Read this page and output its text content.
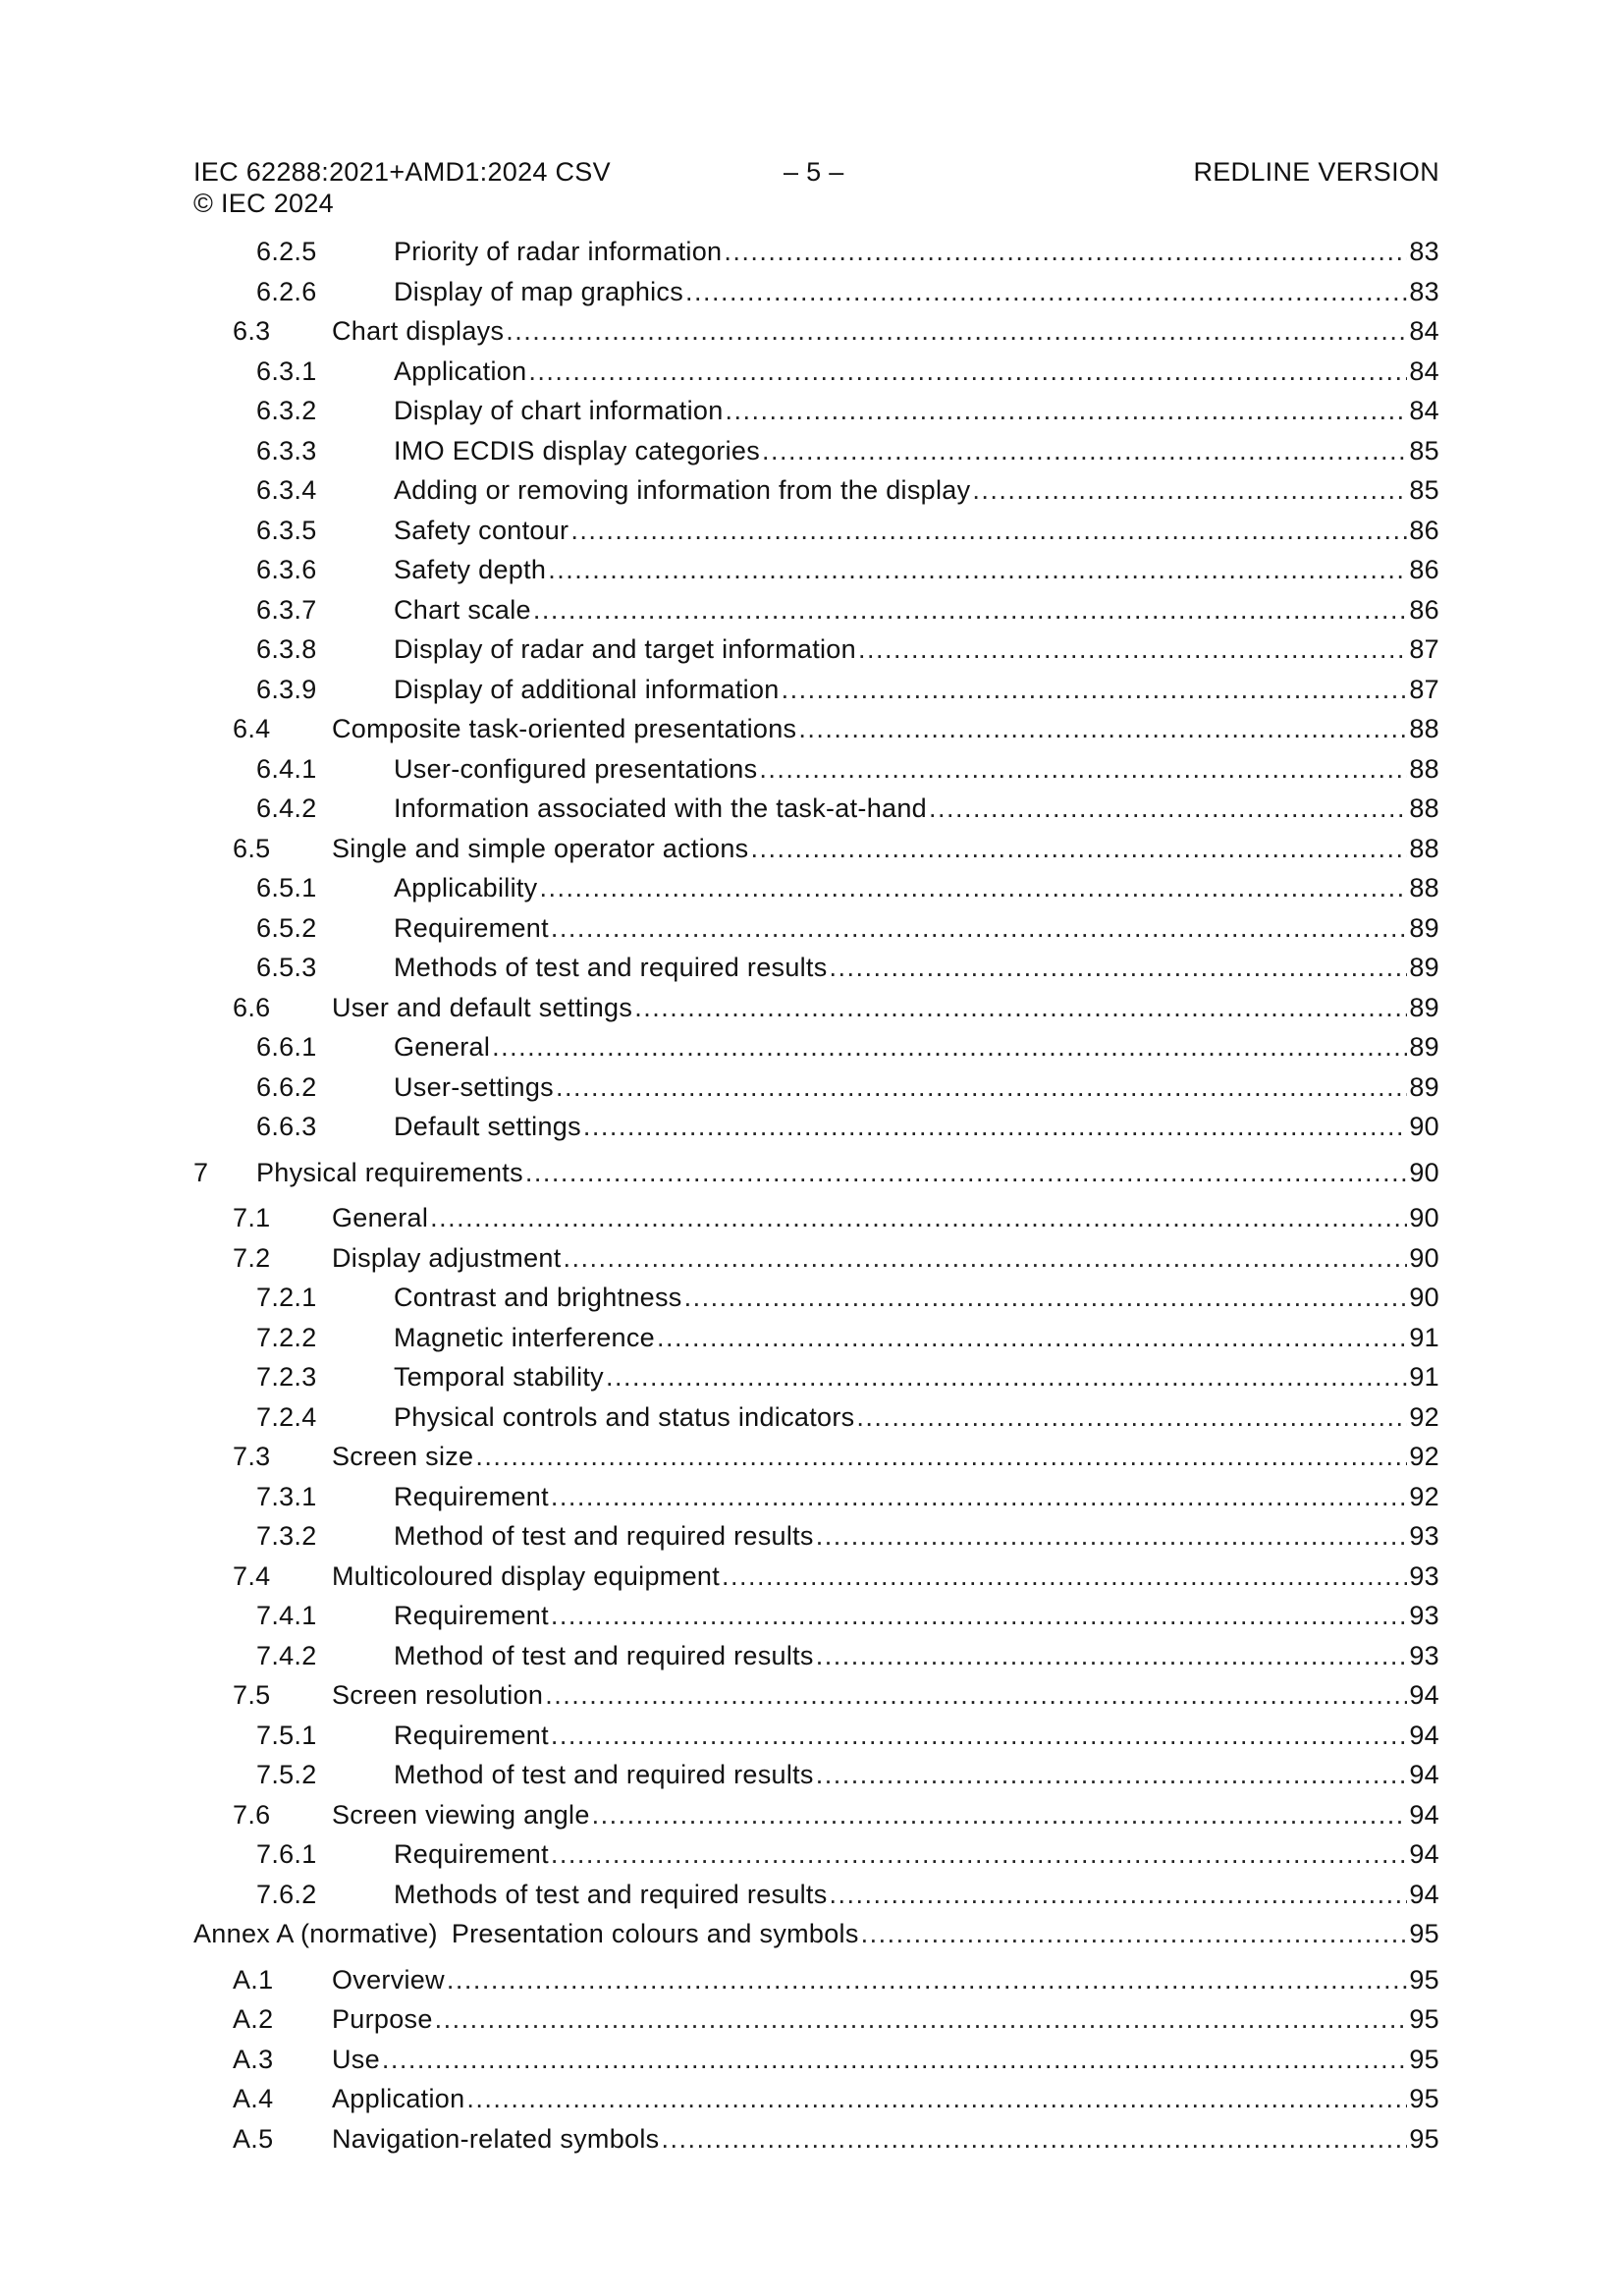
IEC 62288:2021+AMD1:2024 CSV	– 5 –	REDLINE VERSION
© IEC 2024
6.2.5	Priority of radar information .....	83
6.2.6	Display of map graphics .....	83
6.3	Chart displays .....	84
6.3.1	Application .....	84
6.3.2	Display of chart information .....	84
6.3.3	IMO ECDIS display categories .....	85
6.3.4	Adding or removing information from the display .....	85
6.3.5	Safety contour .....	86
6.3.6	Safety depth .....	86
6.3.7	Chart scale .....	86
6.3.8	Display of radar and target information .....	87
6.3.9	Display of additional information .....	87
6.4	Composite task-oriented presentations .....	88
6.4.1	User-configured presentations .....	88
6.4.2	Information associated with the task-at-hand .....	88
6.5	Single and simple operator actions .....	88
6.5.1	Applicability .....	88
6.5.2	Requirement .....	89
6.5.3	Methods of test and required results .....	89
6.6	User and default settings .....	89
6.6.1	General .....	89
6.6.2	User-settings .....	89
6.6.3	Default settings .....	90
7	Physical requirements .....	90
7.1	General .....	90
7.2	Display adjustment .....	90
7.2.1	Contrast and brightness .....	90
7.2.2	Magnetic interference .....	91
7.2.3	Temporal stability .....	91
7.2.4	Physical controls and status indicators .....	92
7.3	Screen size .....	92
7.3.1	Requirement .....	92
7.3.2	Method of test and required results .....	93
7.4	Multicoloured display equipment .....	93
7.4.1	Requirement .....	93
7.4.2	Method of test and required results .....	93
7.5	Screen resolution .....	94
7.5.1	Requirement .....	94
7.5.2	Method of test and required results .....	94
7.6	Screen viewing angle .....	94
7.6.1	Requirement .....	94
7.6.2	Methods of test and required results .....	94
Annex A (normative) Presentation colours and symbols .....	95
A.1	Overview .....	95
A.2	Purpose .....	95
A.3	Use .....	95
A.4	Application .....	95
A.5	Navigation-related symbols .....	95
